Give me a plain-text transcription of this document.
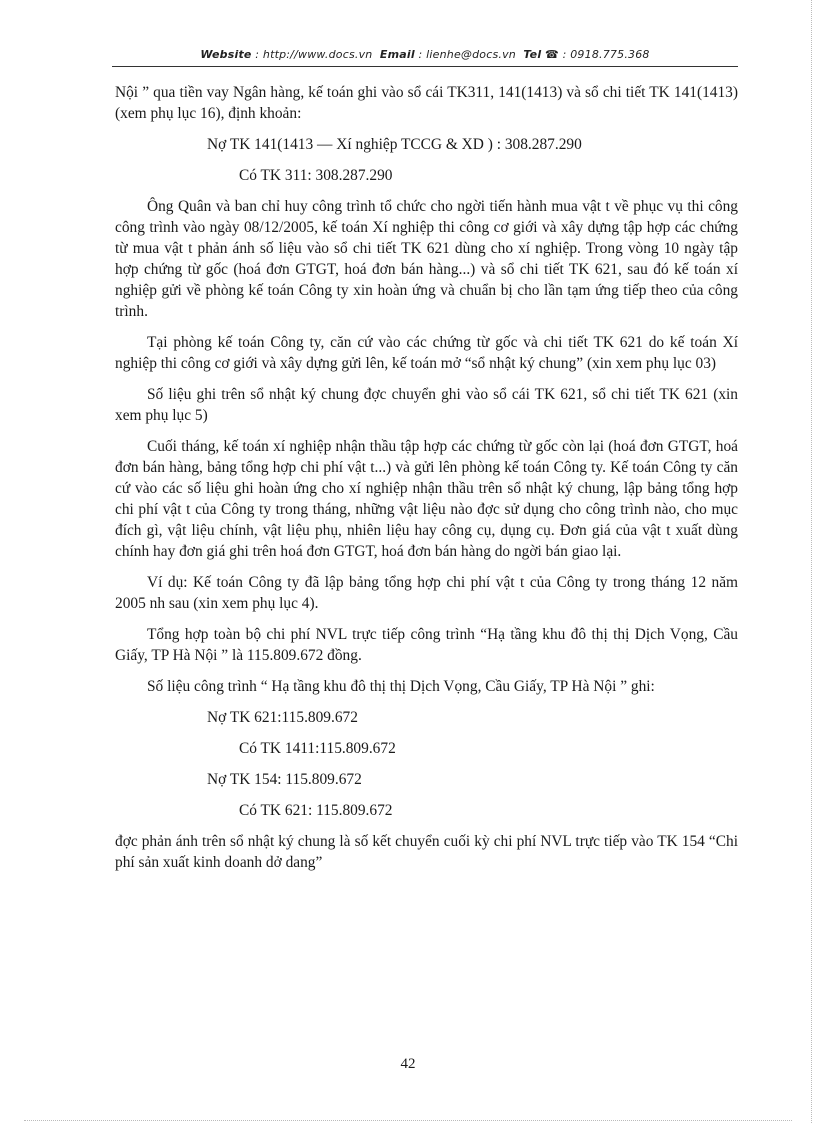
Website : http://www.docs.vn Email : lienhe@docs.vn Tel ☎ : 0918.775.368

Nội ” qua tiền vay Ngân hàng, kế toán ghi vào sổ cái TK311, 141(1413) và sổ chi tiết TK 141(1413) (xem phụ lục 16), định khoản:

Nợ TK 141(1413 — Xí nghiệp TCCG & XD ) : 308.287.290

Có TK 311: 308.287.290

Ông Quân và ban chỉ huy công trình tổ chức cho ngời tiến hành mua vật t về phục vụ thi công công trình vào ngày 08/12/2005, kế toán Xí nghiệp thi công cơ giới và xây dựng tập hợp các chứng từ mua vật t phản ánh số liệu vào sổ chi tiết TK 621 dùng cho xí nghiệp. Trong vòng 10 ngày tập hợp chứng từ gốc (hoá đơn GTGT, hoá đơn bán hàng...) và sổ chi tiết TK 621, sau đó kế toán xí nghiệp gửi về phòng kế toán Công ty xin hoàn ứng và chuẩn bị cho lần tạm ứng tiếp theo của công trình.

Tại phòng kế toán Công ty, căn cứ vào các chứng từ gốc và chi tiết TK 621 do kế toán Xí nghiệp thi công cơ giới và xây dựng gửi lên, kế toán mở “sổ nhật ký chung” (xin xem phụ lục 03)

Số liệu ghi trên sổ nhật ký chung đợc chuyển ghi vào sổ cái TK 621, sổ chi tiết TK 621 (xin xem phụ lục 5)

Cuối tháng, kế toán xí nghiệp nhận thầu tập hợp các chứng từ gốc còn lại (hoá đơn GTGT, hoá đơn bán hàng, bảng tổng hợp chi phí vật t...) và gửi lên phòng kế toán Công ty. Kế toán Công ty căn cứ vào các số liệu ghi hoàn ứng cho xí nghiệp nhận thầu trên sổ nhật ký chung, lập bảng tổng hợp chi phí vật t của Công ty trong tháng, những vật liệu nào đợc sử dụng cho công trình nào, cho mục đích gì, vật liệu chính, vật liệu phụ, nhiên liệu hay công cụ, dụng cụ. Đơn giá của vật t xuất dùng chính hay đơn giá ghi trên hoá đơn GTGT, hoá đơn bán hàng do ngời bán giao lại.

Ví dụ: Kế toán Công ty đã lập bảng tổng hợp chi phí vật t của Công ty trong tháng 12 năm 2005 nh sau (xin xem phụ lục 4).

Tổng hợp toàn bộ chi phí NVL trực tiếp công trình “Hạ tầng khu đô thị thị Dịch Vọng, Cầu Giấy, TP Hà Nội ” là 115.809.672 đồng.

Số liệu công trình “ Hạ tầng khu đô thị thị Dịch Vọng, Cầu Giấy, TP Hà Nội ” ghi:

Nợ TK 621:115.809.672

Có TK 1411:115.809.672

Nợ TK 154: 115.809.672

Có TK 621: 115.809.672

đợc phản ánh trên sổ nhật ký chung là số kết chuyển cuối kỳ chi phí NVL trực tiếp vào TK 154 “Chi phí sản xuất kinh doanh dở dang”

42
